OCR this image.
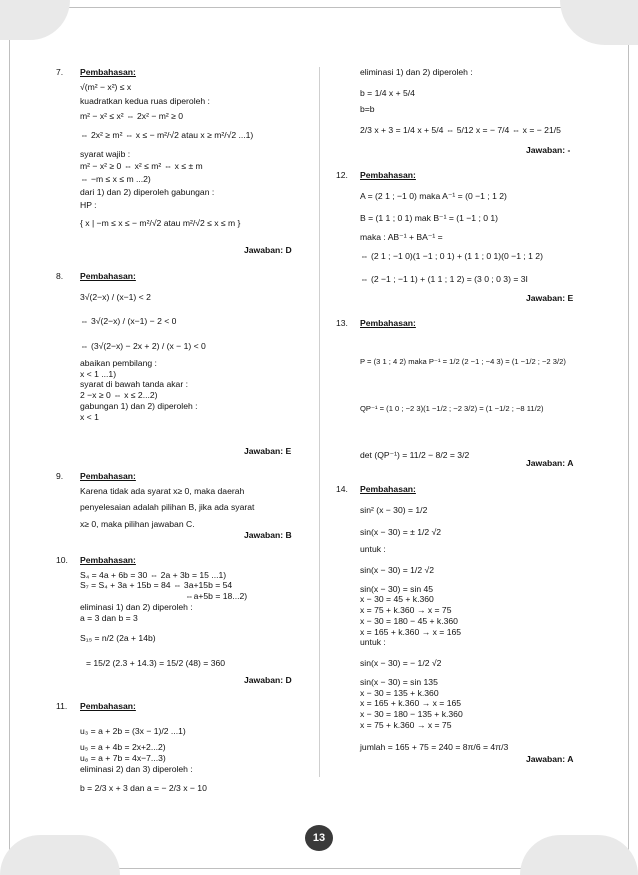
7. Pembahasan:
√(m² − x²) ≤ x
kuadratkan kedua ruas diperoleh :
m² − x² ≤ x² ⇔ 2x² − m² ≥ 0
⇔ 2x² ≥ m² ⇔ x ≤ − m²/√2 atau x ≥ m²/√2 ...1)
syarat wajib :
m² − x² ≥ 0 ⇔ x² ≤ m² ⇔ x ≤ ± m
⇔ −m ≤ x ≤ m ...2)
dari 1) dan 2) diperoleh gabungan :
HP :
{ x | −m ≤ x ≤ − m²/√2 atau m²/√2 ≤ x ≤ m }
Jawaban: D
8. Pembahasan:
3√(2−x) / (x−1) < 2
⇔ 3√(2−x) / (x−1) − 2 < 0
⇔ (3√(2−x) − 2x + 2) / (x − 1) < 0
abaikan pembilang :
x < 1 ...1)
syarat di bawah tanda akar :
2 −x ≥ 0 ⇔ x ≤ 2...2)
gabungan 1) dan 2) diperoleh :
x < 1
Jawaban: E
9. Pembahasan:
Karena tidak ada syarat x≥ 0, maka daerah
penyelesaian adalah pilihan B, jika ada syarat
x≥ 0, maka pilihan jawaban C.
Jawaban: B
10. Pembahasan:
S₄ = 4a + 6b = 30 ⇔ 2a + 3b = 15 ...1)
S₇ = S₄ + 3a + 15b = 84 ⇔ 3a+15b = 54
⇔a+5b = 18...2)
eliminasi 1) dan 2) diperoleh :
a = 3 dan b = 3
S₁₅ = n/2 (2a + 14b)
= 15/2 (2.3 + 14.3) = 15/2 (48) = 360
Jawaban: D
11. Pembahasan:
u₃ = a + 2b = (3x − 1)/2 ...1)
u₅ = a + 4b = 2x+2...2)
u₈ = a + 7b = 4x−7...3)
eliminasi 2) dan 3) diperoleh :
b = 2/3 x + 3 dan a = − 2/3 x − 10
eliminasi 1) dan 2) diperoleh :
b = 1/4 x + 5/4
b=b
2/3 x + 3 = 1/4 x + 5/4 ⇔ 5/12 x = − 7/4 ⇔ x = − 21/5
Jawaban: -
12. Pembahasan:
A = (2 1 ; −1 0) maka A⁻¹ = (0 −1 ; 1 2)
B = (1 1 ; 0 1) mak B⁻¹ = (1 −1 ; 0 1)
maka : AB⁻¹ + BA⁻¹ =
⇔ (2 1 ; −1 0)(1 −1 ; 0 1) + (1 1 ; 0 1)(0 −1 ; 1 2)
⇔ (2 −1 ; −1 1) + (1 1 ; 1 2) = (3 0 ; 0 3) = 3I
Jawaban: E
13. Pembahasan:
P = (3 1 ; 4 2) maka P⁻¹ = 1/2 (2 −1 ; −4 3) = (1 −1/2 ; −2 3/2)
QP⁻¹ = (1 0 ; −2 3)(1 −1/2 ; −2 3/2) = (1 −1/2 ; −8 11/2)
det (QP⁻¹) = 11/2 − 8/2 = 3/2
Jawaban: A
14. Pembahasan:
sin² (x − 30) = 1/2
sin(x − 30) = ± 1/2 √2
untuk :
sin(x − 30) = 1/2 √2
sin(x − 30) = sin 45
x − 30 = 45 + k.360
x = 75 + k.360 → x = 75
x − 30 = 180 − 45 + k.360
x = 165 + k.360 → x = 165
untuk :
sin(x − 30) = − 1/2 √2
sin(x − 30) = sin 135
x − 30 = 135 + k.360
x = 165 + k.360 → x = 165
x − 30 = 180 − 135 + k.360
x = 75 + k.360 → x = 75
jumlah = 165 + 75 = 240 = 8π/6 = 4π/3
Jawaban: A
13
